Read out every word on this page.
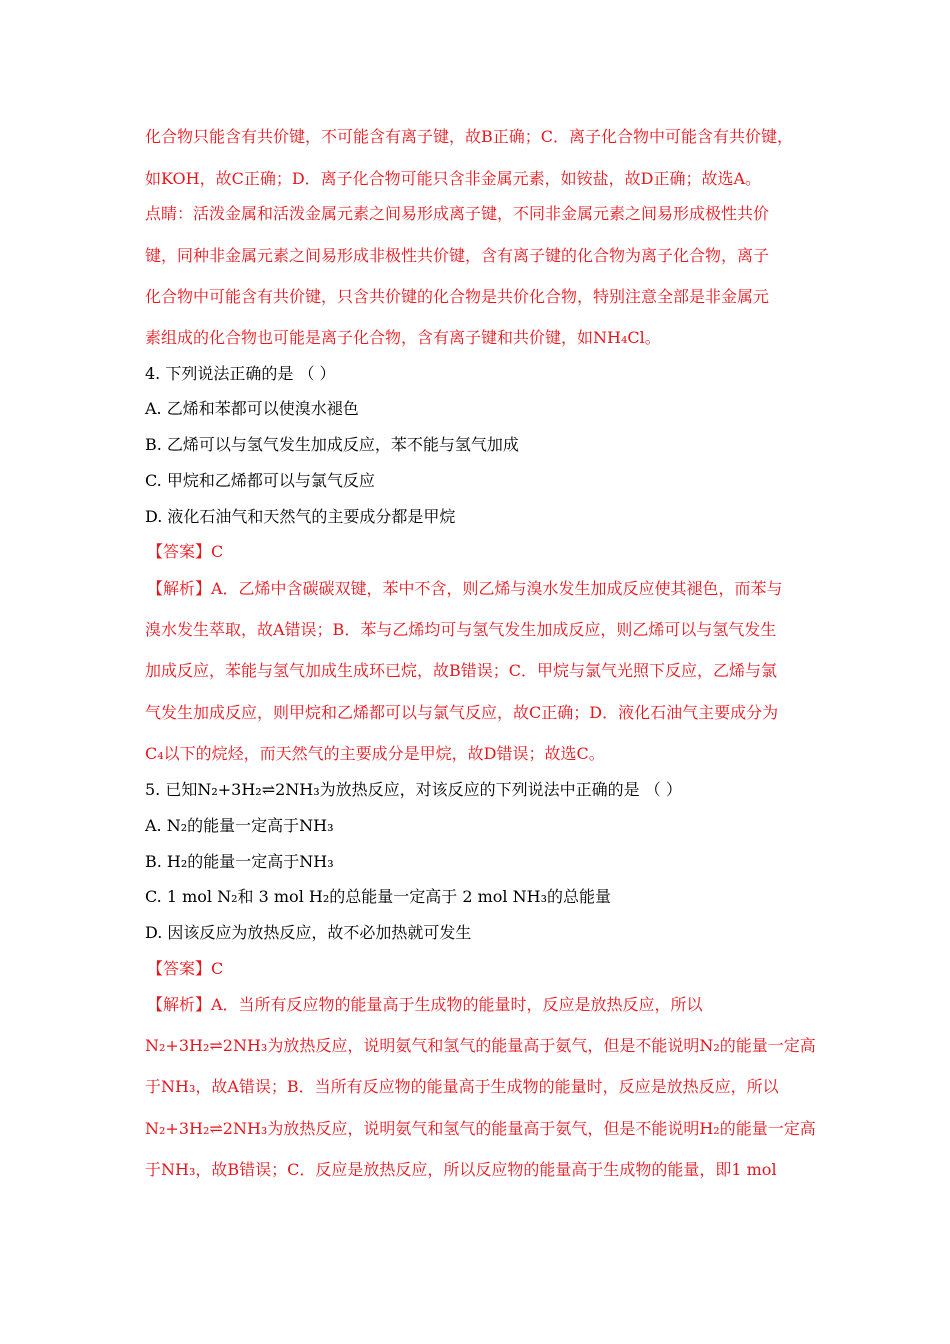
化合物只能含有共价键，不可能含有离子键，故B正确；C．离子化合物中可能含有共价键，
如KOH，故C正确；D．离子化合物可能只含非金属元素，如铵盐，故D正确；故选A。
点睛：活泼金属和活泼金属元素之间易形成离子键，不同非金属元素之间易形成极性共价
键，同种非金属元素之间易形成非极性共价键，含有离子键的化合物为离子化合物，离子
化合物中可能含有共价键，只含共价键的化合物是共价化合物，特别注意全部是非金属元
素组成的化合物也可能是离子化合物，含有离子键和共价键，如NH₄Cl。
4. 下列说法正确的是 （ ）
A. 乙烯和苯都可以使溴水褪色
B. 乙烯可以与氢气发生加成反应，苯不能与氢气加成
C. 甲烷和乙烯都可以与氯气反应
D. 液化石油气和天然气的主要成分都是甲烷
【答案】C
【解析】A．乙烯中含碳碳双键，苯中不含，则乙烯与溴水发生加成反应使其褪色，而苯与
溴水发生萃取，故A错误；B．苯与乙烯均可与氢气发生加成反应，则乙烯可以与氢气发生
加成反应，苯能与氢气加成生成环已烷，故B错误；C．甲烷与氯气光照下反应，乙烯与氯
气发生加成反应，则甲烷和乙烯都可以与氯气反应，故C正确；D．液化石油气主要成分为
C₄以下的烷烃，而天然气的主要成分是甲烷，故D错误；故选C。
5. 已知N₂+3H₂⇌2NH₃为放热反应，对该反应的下列说法中正确的是 （ ）
A. N₂的能量一定高于NH₃
B. H₂的能量一定高于NH₃
C. 1 mol N₂和 3 mol H₂的总能量一定高于 2 mol NH₃的总能量
D. 因该反应为放热反应，故不必加热就可发生
【答案】C
【解析】A．当所有反应物的能量高于生成物的能量时，反应是放热反应，所以
N₂+3H₂⇌2NH₃为放热反应，说明氨气和氢气的能量高于氨气，但是不能说明N₂的能量一定高
于NH₃，故A错误；B．当所有反应物的能量高于生成物的能量时，反应是放热反应，所以
N₂+3H₂⇌2NH₃为放热反应，说明氨气和氢气的能量高于氨气，但是不能说明H₂的能量一定高
于NH₃，故B错误；C．反应是放热反应，所以反应物的能量高于生成物的能量，即1 mol
